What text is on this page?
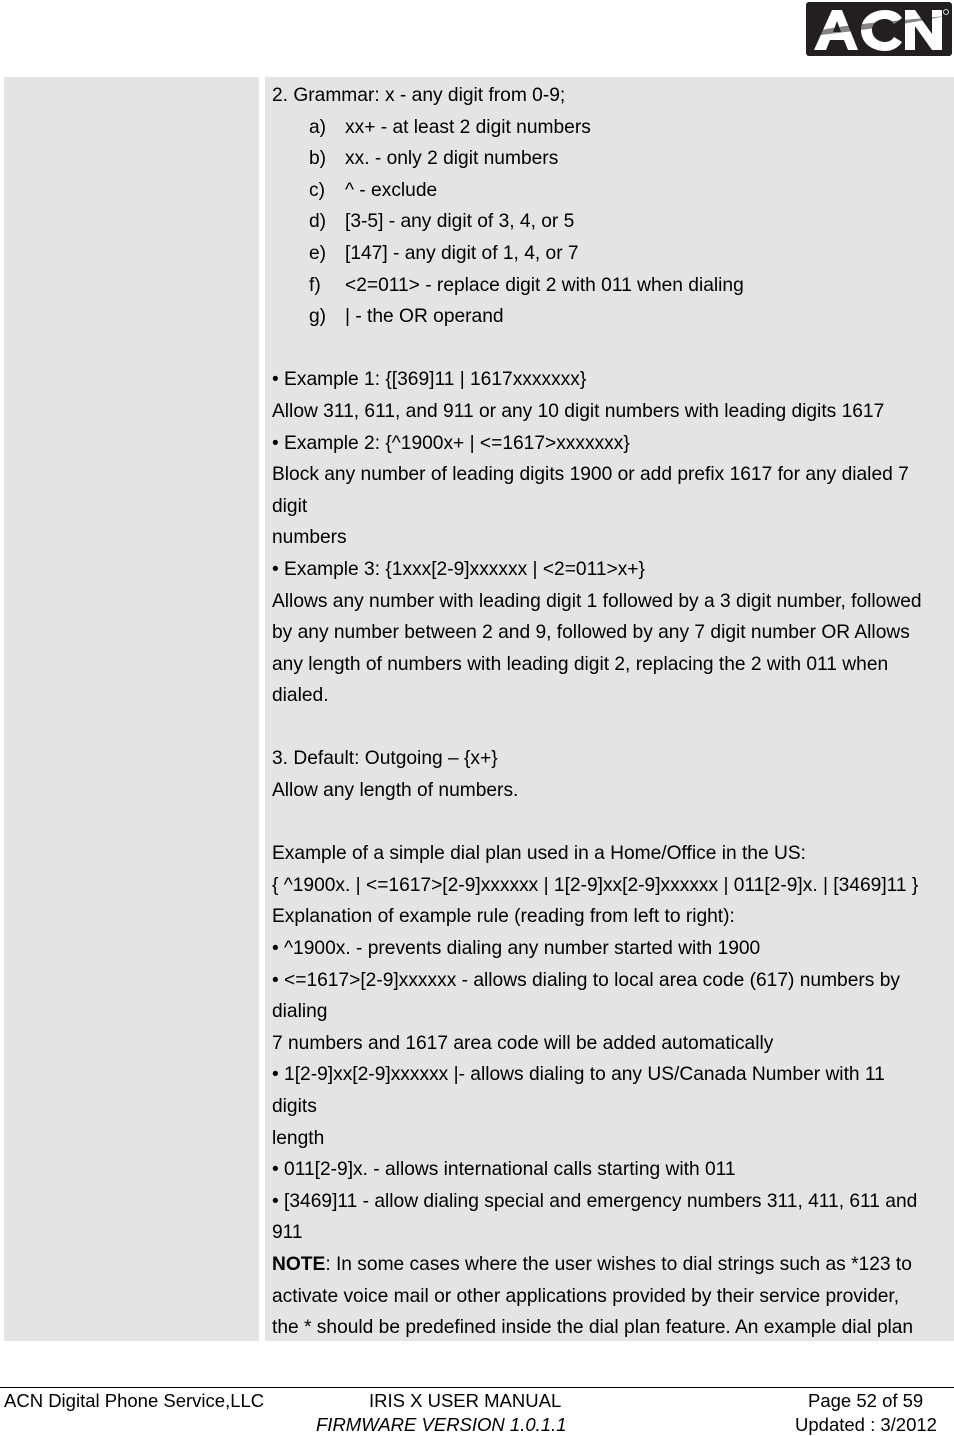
2. Grammar: x - any digit from 0-9;
a) xx+ - at least 2 digit numbers
b) xx. - only 2 digit numbers
c) ^ - exclude
d) [3-5] - any digit of 3, 4, or 5
e) [147] - any digit of 1, 4, or 7
f) <2=011> - replace digit 2 with 011 when dialing
g) | - the OR operand
• Example 1: {[369]11 | 1617xxxxxxx}
Allow 311, 611, and 911 or any 10 digit numbers with leading digits 1617
• Example 2: {^1900x+ | <=1617>xxxxxxx}
Block any number of leading digits 1900 or add prefix 1617 for any dialed 7
digit
numbers
• Example 3: {1xxx[2-9]xxxxxx | <2=011>x+}
Allows any number with leading digit 1 followed by a 3 digit number, followed
by any number between 2 and 9, followed by any 7 digit number OR Allows
any length of numbers with leading digit 2, replacing the 2 with 011 when
dialed.
3. Default: Outgoing – {x+}
Allow any length of numbers.
Example of a simple dial plan used in a Home/Office in the US:
{ ^1900x. | <=1617>[2-9]xxxxxx | 1[2-9]xx[2-9]xxxxxx | 011[2-9]x. | [3469]11 }
Explanation of example rule (reading from left to right):
• ^1900x. - prevents dialing any number started with 1900
• <=1617>[2-9]xxxxxx - allows dialing to local area code (617) numbers by
dialing
7 numbers and 1617 area code will be added automatically
• 1[2-9]xx[2-9]xxxxxx |- allows dialing to any US/Canada Number with 11
digits
length
• 011[2-9]x. - allows international calls starting with 011
• [3469]11 - allow dialing special and emergency numbers 311, 411, 611 and
911
NOTE: In some cases where the user wishes to dial strings such as *123 to
activate voice mail or other applications provided by their service provider,
the * should be predefined inside the dial plan feature. An example dial plan
ACN Digital Phone Service,LLC	IRIS X USER MANUAL
FIRMWARE VERSION 1.0.1.1
Page 52 of 59
Updated : 3/2012
